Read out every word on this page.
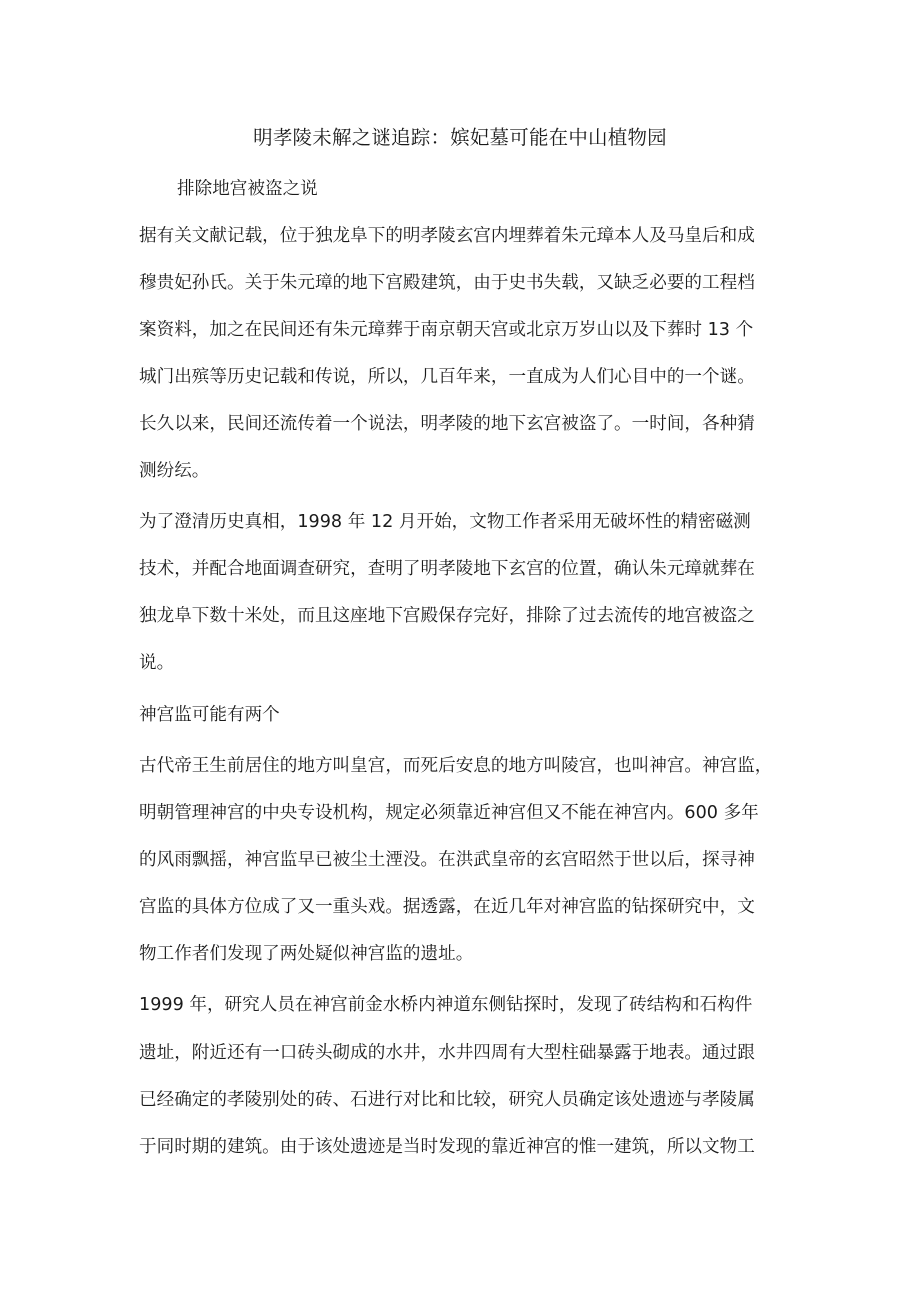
明孝陵未解之谜追踪：嫔妃墓可能在中山植物园

排除地宫被盗之说

据有关文献记载，位于独龙阜下的明孝陵玄宫内埋葬着朱元璋本人及马皇后和成

穆贵妃孙氏。关于朱元璋的地下宫殿建筑，由于史书失载，又缺乏必要的工程档

案资料，加之在民间还有朱元璋葬于南京朝天宫或北京万岁山以及下葬时 13 个

城门出殡等历史记载和传说，所以，几百年来，一直成为人们心目中的一个谜。

长久以来，民间还流传着一个说法，明孝陵的地下玄宫被盗了。一时间，各种猜

测纷纭。

为了澄清历史真相，1998 年 12 月开始，文物工作者采用无破坏性的精密磁测

技术，并配合地面调查研究，查明了明孝陵地下玄宫的位置，确认朱元璋就葬在

独龙阜下数十米处，而且这座地下宫殿保存完好，排除了过去流传的地宫被盗之

说。

神宫监可能有两个

古代帝王生前居住的地方叫皇宫，而死后安息的地方叫陵宫，也叫神宫。神宫监，

明朝管理神宫的中央专设机构，规定必须靠近神宫但又不能在神宫内。600 多年

的风雨飘摇，神宫监早已被尘土湮没。在洪武皇帝的玄宫昭然于世以后，探寻神

宫监的具体方位成了又一重头戏。据透露，在近几年对神宫监的钻探研究中，文

物工作者们发现了两处疑似神宫监的遗址。

1999 年，研究人员在神宫前金水桥内神道东侧钻探时，发现了砖结构和石构件

遗址，附近还有一口砖头砌成的水井，水井四周有大型柱础暴露于地表。通过跟

已经确定的孝陵别处的砖、石进行对比和比较，研究人员确定该处遗迹与孝陵属

于同时期的建筑。由于该处遗迹是当时发现的靠近神宫的惟一建筑，所以文物工
